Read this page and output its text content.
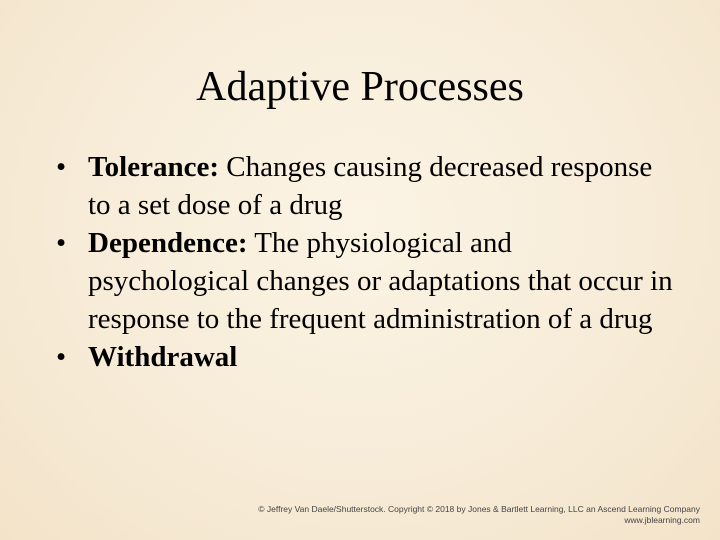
Adaptive Processes
• Tolerance: Changes causing decreased response to a set dose of a drug
• Dependence: The physiological and psychological changes or adaptations that occur in response to the frequent administration of a drug
• Withdrawal
© Jeffrey Van Daele/Shutterstock. Copyright © 2018 by Jones & Bartlett Learning, LLC an Ascend Learning Company
www.jblearning.com
